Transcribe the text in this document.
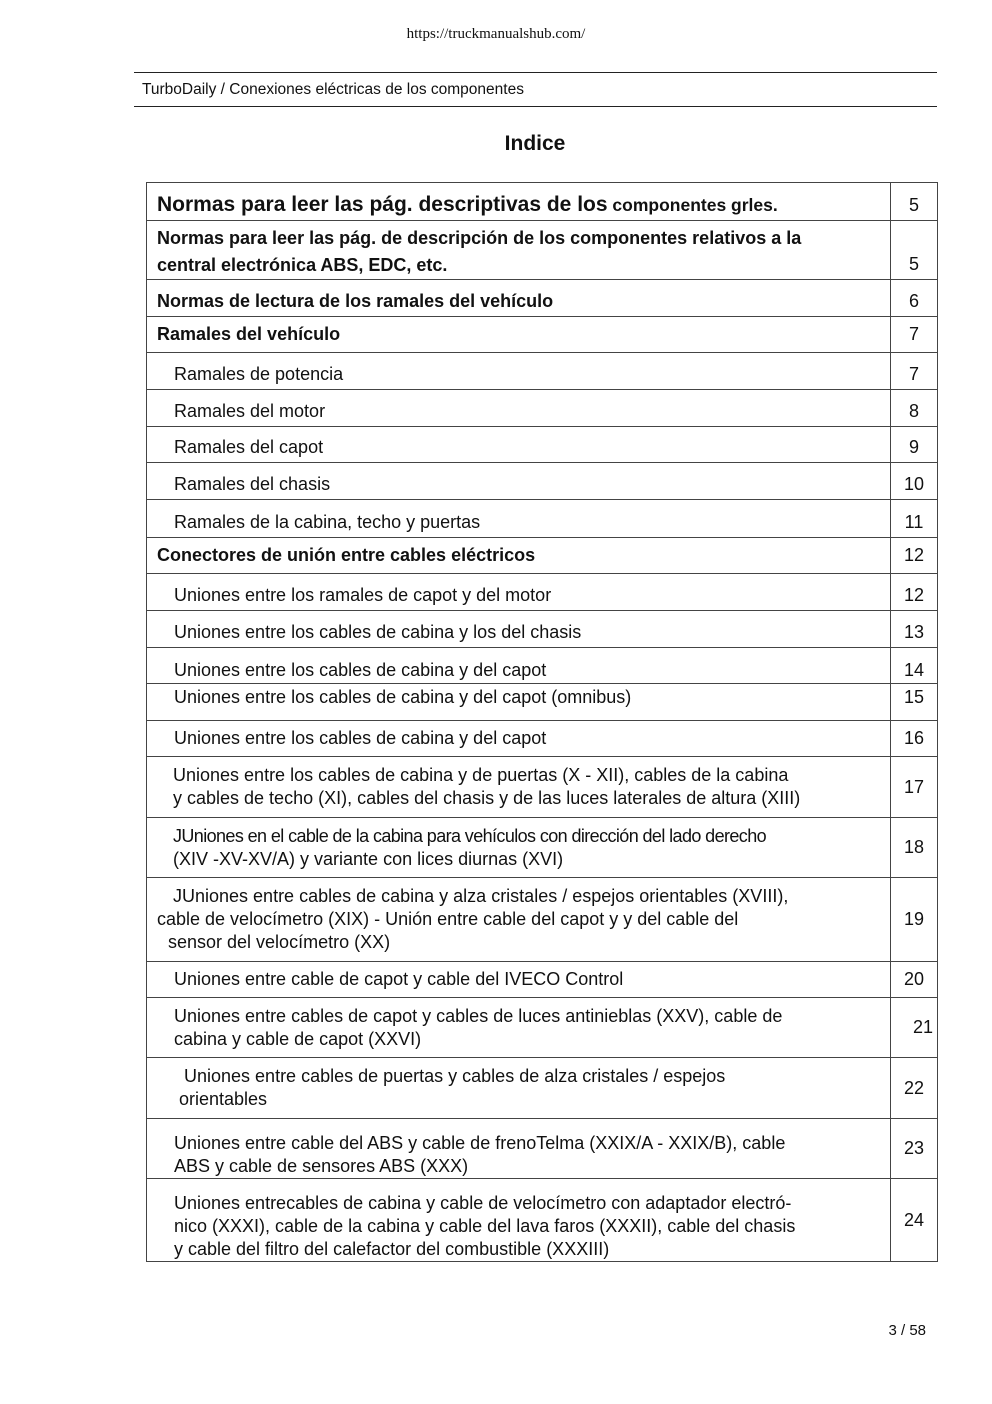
https://truckmanualshub.com/
TurboDaily / Conexiones eléctricas de los componentes
Indice
Normas para leer las pág. descriptivas de los componentes grles.	5

Normas para leer las pág. de descripción de los componentes relativos a la
central electrónica ABS, EDC, etc.	5
Normas de lectura de los ramales del vehículo	6
Ramales del vehículo	7
Ramales de potencia	7
Ramales del motor	8
Ramales del capot	9
Ramales del chasis	10
Ramales de la cabina, techo y puertas	11
Conectores de unión entre cables eléctricos	12
Uniones entre los ramales de capot y del motor	12
Uniones entre los cables de cabina y los del chasis	13
Uniones entre los cables de cabina y del capot	14
Uniones entre los cables de cabina y del capot (omnibus)	15
Uniones entre los cables de cabina y del capot	16

Uniones entre los cables de cabina y de puertas (X - XII), cables de la cabina
y cables de techo (XI), cables del chasis y de las luces laterales de altura (XIII)	17

JUniones en el cable de la cabina para vehículos con dirección del lado derecho
(XIV -XV-XV/A) y variante con lices diurnas (XVI)	18

JUniones entre cables de cabina y alza cristales / espejos orientables (XVIII),
cable de velocímetro (XIX) - Unión entre cable del capot y y del cable del
sensor del velocímetro (XX)	19
Uniones entre cable de capot y cable del IVECO Control	20

Uniones entre cables de capot y cables de luces antinieblas (XXV), cable de
cabina y cable de capot (XXVI)	21

Uniones entre cables de puertas y cables de alza cristales / espejos
orientables	22

Uniones entre cable del ABS y cable de frenoTelma (XXIX/A - XXIX/B), cable
ABS y cable de sensores ABS (XXX)	23

Uniones entrecables de cabina y cable de velocímetro con adaptador electró-
nico (XXXI), cable de la cabina y cable del lava faros (XXXII), cable del chasis
y cable del filtro del calefactor del combustible (XXXIII)	24
3 / 58
